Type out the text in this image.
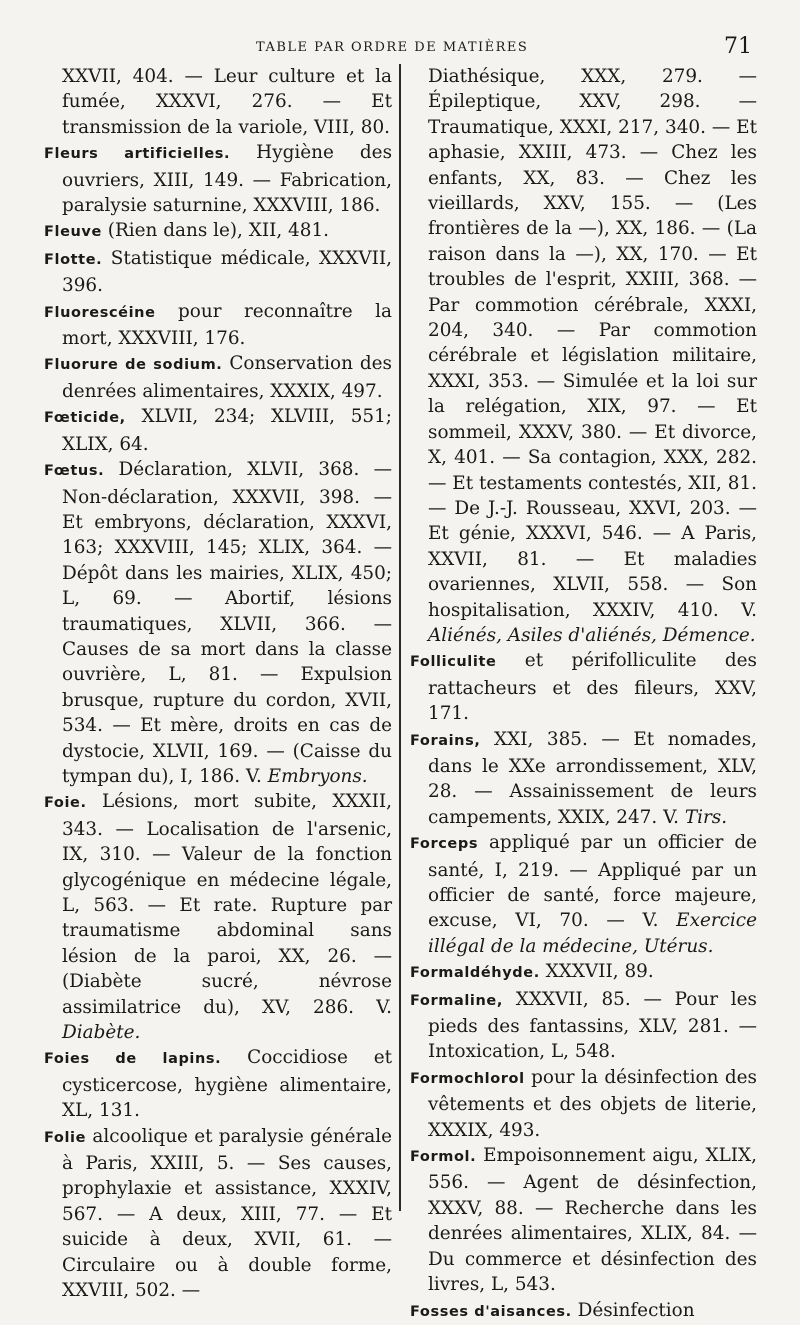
TABLE PAR ORDRE DE MATIÈRES	71

XXVII, 404. — Leur culture et la fumée, XXXVI, 276. — Et transmission de la variole, VIII, 80.

Fleurs artificielles. Hygiène des ouvriers, XIII, 149. — Fabrication, paralysie saturnine, XXXVIII, 186.

Fleuve (Rien dans le), XII, 481.

Flotte. Statistique médicale, XXXVII, 396.

Fluorescéine pour reconnaître la mort, XXXVIII, 176.

Fluorure de sodium. Conservation des denrées alimentaires, XXXIX, 497.

Fœticide, XLVII, 234; XLVIII, 551; XLIX, 64.

Fœtus. Déclaration, XLVII, 368. — Non-déclaration, XXXVII, 398. — Et embryons, déclaration, XXXVI, 163; XXXVIII, 145; XLIX, 364. — Dépôt dans les mairies, XLIX, 450; L, 69. — Abortif, lésions traumatiques, XLVII, 366. — Causes de sa mort dans la classe ouvrière, L, 81. — Expulsion brusque, rupture du cordon, XVII, 534. — Et mère, droits en cas de dystocie, XLVII, 169. — (Caisse du tympan du), I, 186. V. Embryons.

Foie. Lésions, mort subite, XXXII, 343. — Localisation de l'arsenic, IX, 310. — Valeur de la fonction glycogénique en médecine légale, L, 563. — Et rate. Rupture par traumatisme abdominal sans lésion de la paroi, XX, 26. — (Diabète sucré, névrose assimilatrice du), XV, 286. V. Diabète.

Foies de lapins. Coccidiose et cysticercose, hygiène alimentaire, XL, 131.

Folie alcoolique et paralysie générale à Paris, XXIII, 5. — Ses causes, prophylaxie et assistance, XXXIV, 567. — A deux, XIII, 77. — Et suicide à deux, XVII, 61. — Circulaire ou à double forme, XXVIII, 502. —

Diathésique, XXX, 279. — Épileptique, XXV, 298. — Traumatique, XXXI, 217, 340. — Et aphasie, XXIII, 473. — Chez les enfants, XX, 83. — Chez les vieillards, XXV, 155. — (Les frontières de la —), XX, 186. — (La raison dans la —), XX, 170. — Et troubles de l'esprit, XXIII, 368. — Par commotion cérébrale, XXXI, 204, 340. — Par commotion cérébrale et législation militaire, XXXI, 353. — Simulée et la loi sur la relégation, XIX, 97. — Et sommeil, XXXV, 380. — Et divorce, X, 401. — Sa contagion, XXX, 282. — Et testaments contestés, XII, 81. — De J.-J. Rousseau, XXVI, 203. — Et génie, XXXVI, 546. — A Paris, XXVII, 81. — Et maladies ovariennes, XLVII, 558. — Son hospitalisation, XXXIV, 410. V. Aliénés, Asiles d'aliénés, Démence.

Folliculite et périfolliculite des rattacheurs et des fileurs, XXV, 171.

Forains, XXI, 385. — Et nomades, dans le XXe arrondissement, XLV, 28. — Assainissement de leurs campements, XXIX, 247. V. Tirs.

Forceps appliqué par un officier de santé, I, 219. — Appliqué par un officier de santé, force majeure, excuse, VI, 70. — V. Exercice illégal de la médecine, Utérus.

Formaldéhyde. XXXVII, 89.

Formaline, XXXVII, 85. — Pour les pieds des fantassins, XLV, 281. — Intoxication, L, 548.

Formochlorol pour la désinfection des vêtements et des objets de literie, XXXIX, 493.

Formol. Empoisonnement aigu, XLIX, 556. — Agent de désinfection, XXXV, 88. — Recherche dans les denrées alimentaires, XLIX, 84. — Du commerce et désinfection des livres, L, 543.

Fosses d'aisances. Désinfection
